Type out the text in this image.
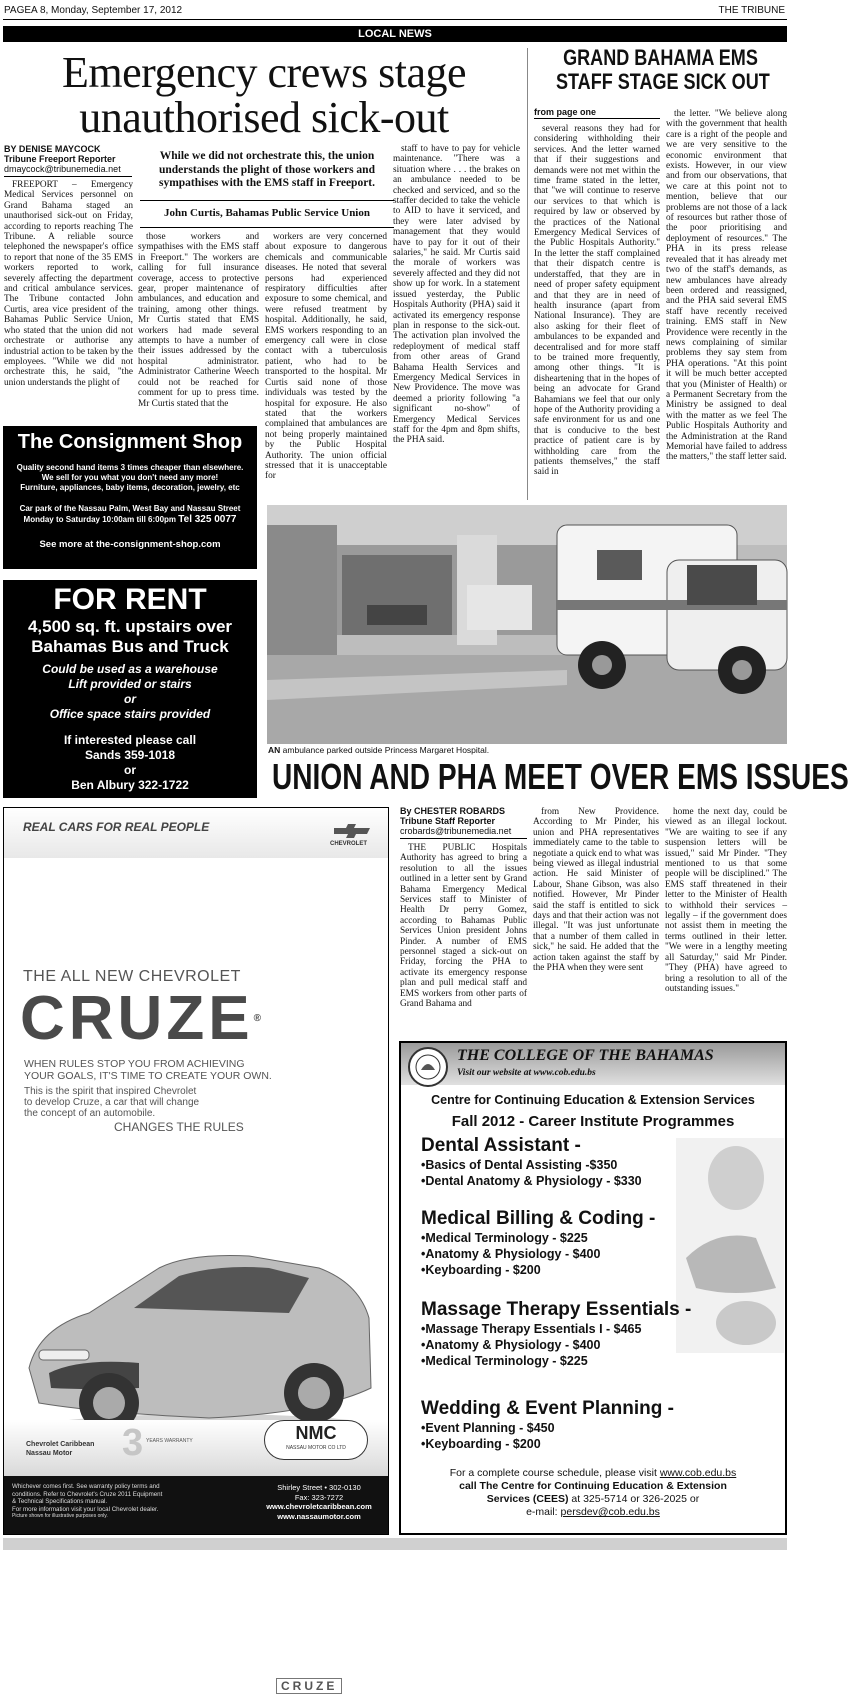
PAGEA 8, Monday, September 17, 2012	THE TRIBUNE
LOCAL NEWS
Emergency crews stage
unauthorised sick-out
BY DENISE MAYCOCK
Tribune Freeport Reporter
dmaycock@tribunemedia.net
While we did not orchestrate this, the union understands the plight of those workers and sympathises with the EMS staff in Freeport.
John Curtis, Bahamas Public Service Union

FREEPORT – Emergency Medical Services personnel on Grand Bahama staged an unauthorised sick-out on Friday, according to reports reaching The Tribune. A reliable source telephoned the newspaper's office to report that none of the 35 EMS workers reported to work, severely affecting the department and critical ambulance services. The Tribune contacted John Curtis, area vice president of the Bahamas Public Service Union, who stated that the union did not orchestrate or authorise any industrial action to be taken by the employees. "While we did not orchestrate this, he said, "the union understands the plight of

those workers and sympathises with the EMS staff in Freeport." The workers are calling for full insurance coverage, access to protective gear, proper maintenance of ambulances, and education and training, among other things. Mr Curtis stated that EMS workers had made several attempts to have a number of their issues addressed by the hospital administrator. Administrator Catherine Weech could not be reached for comment for up to press time. Mr Curtis stated that the

workers are very concerned about exposure to dangerous chemicals and communicable diseases. He noted that several persons had experienced respiratory difficulties after exposure to some chemical, and were refused treatment by hospital. Additionally, he said, EMS workers responding to an emergency call were in close contact with a tuberculosis patient, who had to be transported to the hospital. Mr Curtis said none of those individuals was tested by the hospital for exposure. He also stated that the workers complained that ambulances are not being properly maintained by the Public Hospital Authority. The union official stressed that it is unacceptable for

staff to have to pay for vehicle maintenance. "There was a situation where . . . the brakes on an ambulance needed to be checked and serviced, and so the staffer decided to take the vehicle to AID to have it serviced, and they were later advised by management that they would have to pay for it out of their salaries," he said. Mr Curtis said the morale of workers was severely affected and they did not show up for work. In a statement issued yesterday, the Public Hospitals Authority (PHA) said it activated its emergency response plan in response to the sick-out. The activation plan involved the redeployment of medical staff from other areas of Grand Bahama Health Services and Emergency Medical Services in New Providence. The move was deemed a priority following "a significant no-show" of Emergency Medical Services staff for the 4pm and 8pm shifts, the PHA said.

GRAND BAHAMA EMS
STAFF STAGE SICK OUT
from page one

several reasons they had for considering withholding their services. And the letter warned that if their suggestions and demands were not met within the time frame stated in the letter, that "we will continue to reserve our services to that which is required by law or observed by the practices of the National Emergency Medical Services of the Public Hospitals Authority." In the letter the staff complained that their dispatch centre is understaffed, that they are in need of proper safety equipment and that they are in need of health insurance (apart from National Insurance). They are also asking for their fleet of ambulances to be expanded and decentralised and for more staff to be trained more frequently, among other things. "It is disheartening that in the hopes of being an advocate for Grand Bahamians we feel that our only hope of the Authority providing a safe environment for us and one that is conducive to the best practice of patient care is by withholding care from the patients themselves," the staff said in

the letter. "We believe along with the government that health care is a right of the people and we are very sensitive to the economic environment that exists. However, in our view and from our observations, that we care at this point not to mention, believe that our problems are not those of a lack of resources but rather those of the poor prioritising and deployment of resources." The PHA in its press release revealed that it has already met two of the staff's demands, as new ambulances have already been ordered and reassigned, and the PHA said several EMS staff have recently received training. EMS staff in New Providence were recently in the news complaining of similar problems they say stem from PHA operations. "At this point it will be much better accepted that you (Minister of Health) or a Permanent Secretary from the Ministry be assigned to deal with the matter as we feel The Public Hospitals Authority and the Administration at the Rand Memorial have failed to address the matters," the staff letter said.

The Consignment Shop
Quality second hand items 3 times cheaper than elsewhere.
We sell for you what you don't need any more!
Furniture, appliances, baby items, decoration, jewelry, etc
Car park of the Nassau Palm, West Bay and Nassau Street
Monday to Saturday 10:00am till 6:00pm Tel 325 0077
See more at the-consignment-shop.com
AN ambulance parked outside Princess Margaret Hospital.
UNION AND PHA MEET OVER EMS ISSUES
By CHESTER ROBARDS
Tribune Staff Reporter
crobards@tribunemedia.net

THE PUBLIC Hospitals Authority has agreed to bring a resolution to all the issues outlined in a letter sent by Grand Bahama Emergency Medical Services staff to Minister of Health Dr perry Gomez, according to Bahamas Public Services Union president Johns Pinder. A number of EMS personnel staged a sick-out on Friday, forcing the PHA to activate its emergency response plan and pull medical staff and EMS workers from other parts of Grand Bahama and

from New Providence. According to Mr Pinder, his union and PHA representatives immediately came to the table to negotiate a quick end to what was being viewed as illegal industrial action. He said Minister of Labour, Shane Gibson, was also notified. However, Mr Pinder said the staff is entitled to sick days and that their action was not illegal. "It was just unfortunate that a number of them called in sick," he said. He added that the action taken against the staff by the PHA when they were sent

home the next day, could be viewed as an illegal lockout. "We are waiting to see if any suspension letters will be issued," said Mr Pinder. "They mentioned to us that some people will be disciplined." The EMS staff threatened in their letter to the Minister of Health to withhold their services – legally – if the government does not assist them in meeting the terms outlined in their letter. "We were in a lengthy meeting all Saturday," said Mr Pinder. "They (PHA) have agreed to bring a resolution to all of the outstanding issues."

FOR RENT
4,500 sq. ft. upstairs over
Bahamas Bus and Truck
Could be used as a warehouse
Lift provided or stairs
or
Office space stairs provided
If interested please call
Sands 359-1018
or
Ben Albury 322-1722
REAL CARS FOR REAL PEOPLE
CHEVROLET
THE ALL NEW CHEVROLET
CRUZE®
WHEN RULES STOP YOU FROM ACHIEVING
YOUR GOALS, IT'S TIME TO CREATE YOUR OWN.
This is the spirit that inspired Chevrolet
to develop Cruze, a car that will change
the concept of an automobile.
CHANGES THE RULES
CRUZE
Chevrolet Caribbean
Nassau Motor	3 YEARS WARRANTY	NMC
NASSAU MOTOR CO LTD
Whichever comes first. See warranty policy terms and
conditions. Refer to Chevrolet's Cruze 2011 Equipment
& Technical Specifications manual.
For more information visit your local Chevrolet dealer.
Picture shown for illustrative purposes only.
Shirley Street • 302-0130
Fax: 323-7272
www.chevroletcaribbean.com
www.nassaumotor.com
THE COLLEGE OF THE BAHAMAS
Visit our website at www.cob.edu.bs
Centre for Continuing Education & Extension Services
Fall 2012 - Career Institute Programmes
Dental Assistant -
•Basics of Dental Assisting -$350
•Dental Anatomy & Physiology - $330
Medical Billing & Coding -
•Medical Terminology - $225
•Anatomy & Physiology - $400
•Keyboarding - $200
Massage Therapy Essentials -
•Massage Therapy Essentials I - $465
•Anatomy & Physiology - $400
•Medical Terminology - $225
Wedding & Event Planning -
•Event Planning - $450
•Keyboarding - $200
For a complete course schedule, please visit www.cob.edu.bs
call The Centre for Continuing Education & Extension
Services (CEES) at 325-5714 or 326-2025 or
e-mail: persdev@cob.edu.bs
